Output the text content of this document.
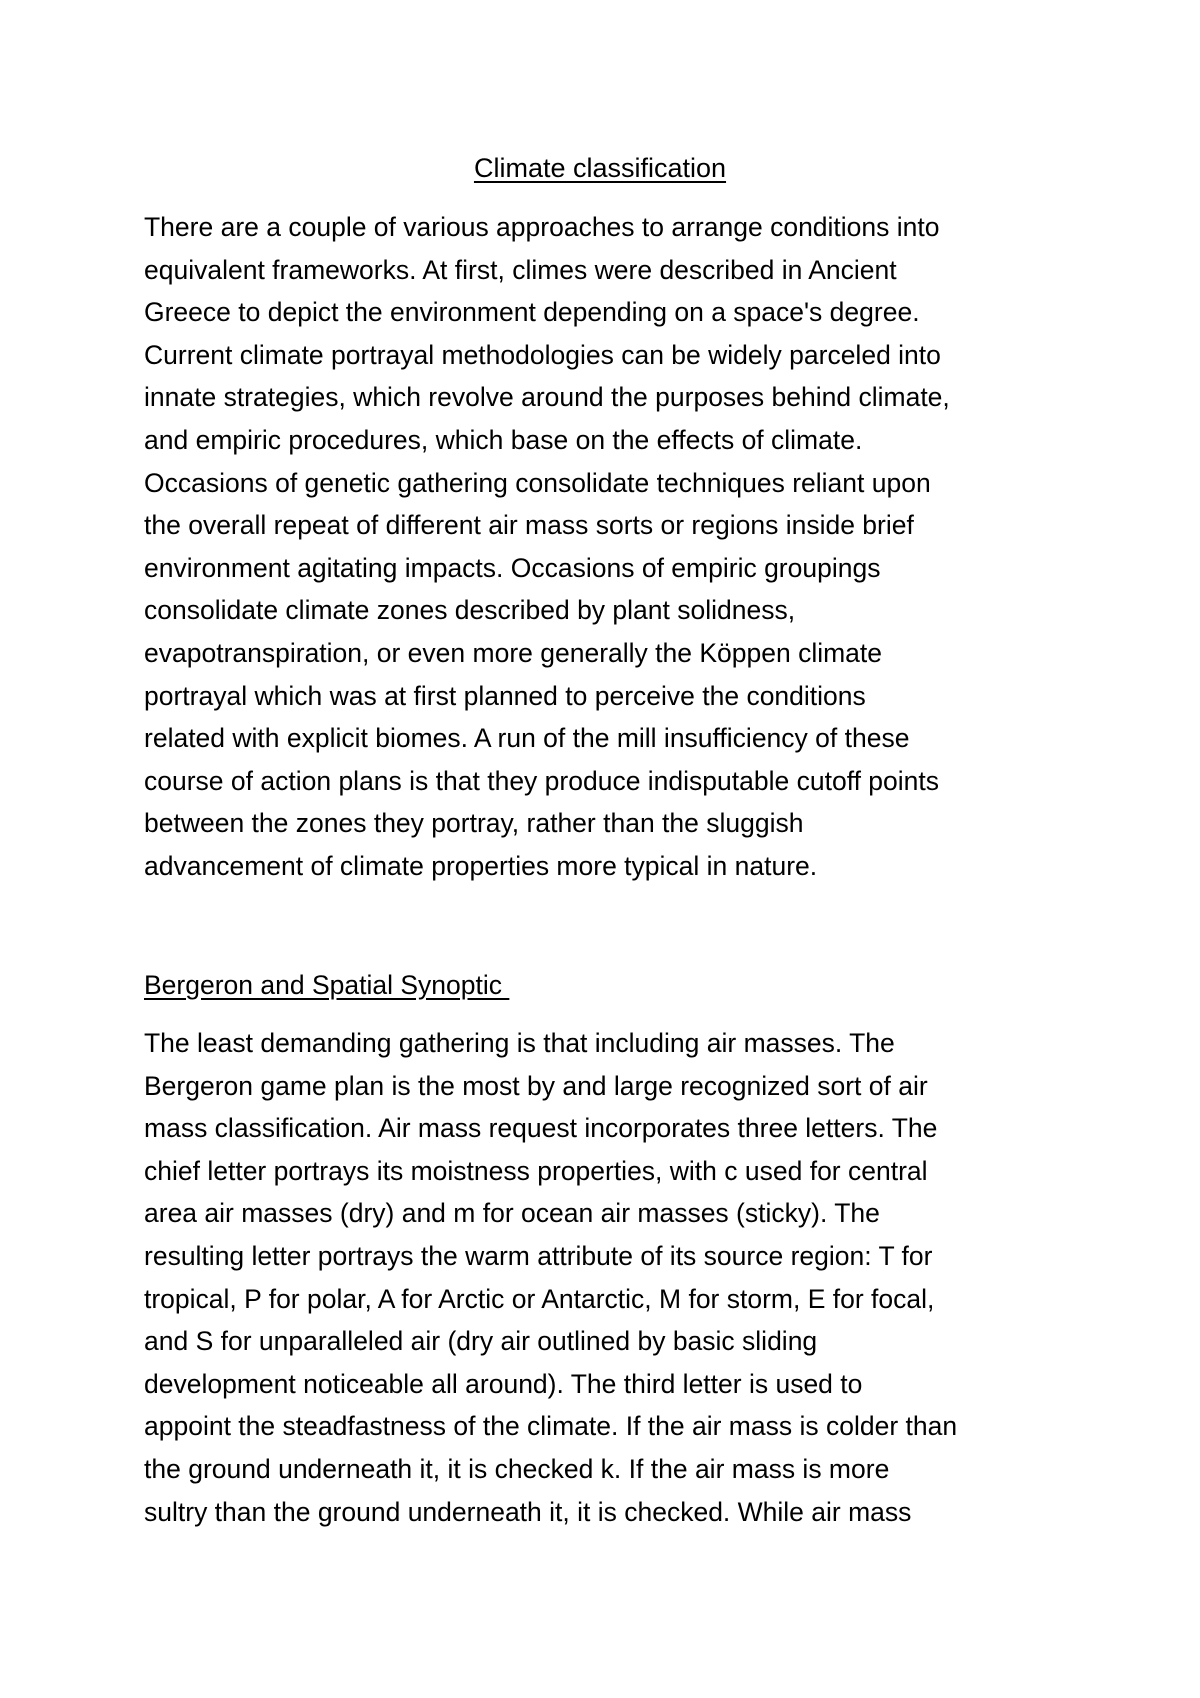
Climate classification

There are a couple of various approaches to arrange conditions into
equivalent frameworks. At first, climes were described in Ancient
Greece to depict the environment depending on a space's degree.
Current climate portrayal methodologies can be widely parceled into
innate strategies, which revolve around the purposes behind climate,
and empiric procedures, which base on the effects of climate.
Occasions of genetic gathering consolidate techniques reliant upon
the overall repeat of different air mass sorts or regions inside brief
environment agitating impacts. Occasions of empiric groupings
consolidate climate zones described by plant solidness,
evapotranspiration, or even more generally the Köppen climate
portrayal which was at first planned to perceive the conditions
related with explicit biomes. A run of the mill insufficiency of these
course of action plans is that they produce indisputable cutoff points
between the zones they portray, rather than the sluggish
advancement of climate properties more typical in nature.

Bergeron and Spatial Synoptic

The least demanding gathering is that including air masses. The
Bergeron game plan is the most by and large recognized sort of air
mass classification. Air mass request incorporates three letters. The
chief letter portrays its moistness properties, with c used for central
area air masses (dry) and m for ocean air masses (sticky). The
resulting letter portrays the warm attribute of its source region: T for
tropical, P for polar, A for Arctic or Antarctic, M for storm, E for focal,
and S for unparalleled air (dry air outlined by basic sliding
development noticeable all around). The third letter is used to
appoint the steadfastness of the climate. If the air mass is colder than
the ground underneath it, it is checked k. If the air mass is more
sultry than the ground underneath it, it is checked. While air mass
